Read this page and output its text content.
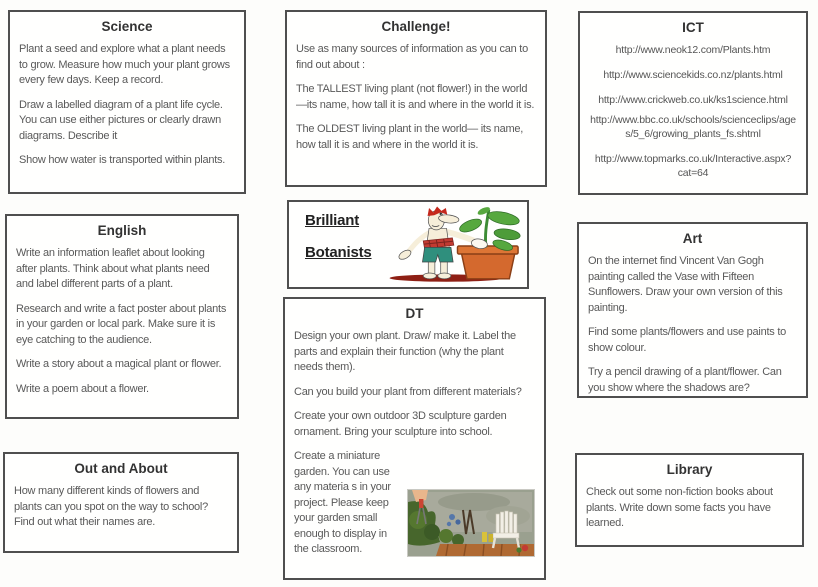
Science

Plant a seed and explore what a plant needs to grow. Measure how much your plant grows every few days. Keep a record.

Draw a labelled diagram of a plant life cycle. You can use either pictures or clearly drawn diagrams. Describe it

Show how water is transported within plants.

Challenge!

Use as many sources of information as you can to find out about :

The TALLEST living plant (not flower!) in the world—its name, how tall it is and where in the world it is.

The OLDEST living plant in the world— its name, how tall it is and where in the world it is.

ICT

http://www.neok12.com/Plants.htm

http://www.sciencekids.co.nz/plants.html

http://www.crickweb.co.uk/ks1science.html

http://www.bbc.co.uk/schools/scienceclips/ages/5_6/growing_plants_fs.shtml

http://www.topmarks.co.uk/Interactive.aspx?cat=64

English

Write an information leaflet about looking after plants. Think about what plants need and label different parts of a plant.

Research and write a fact poster about plants in your garden or local park. Make sure it is eye catching to the audience.

Write a story about a magical plant or flower.

Write a poem about a flower.

Brilliant
Botanists
Art

On the internet find Vincent Van Gogh painting called the Vase with Fifteen Sunflowers. Draw your own version of this painting.

Find some plants/flowers and use paints to show colour.

Try a pencil drawing of a plant/flower. Can you show where the shadows are?

DT

Design your own plant. Draw/ make it. Label the parts and explain their function (why the plant needs them).

Can you build your plant from different materials?

Create your own outdoor 3D sculpture garden ornament. Bring your sculpture into school.

Create a miniature garden. You can use any materia s in your project. Please keep your garden small enough to display in the classroom.

Out and About

How many different kinds of flowers and plants can you spot on the way to school? Find out what their names are.

Library

Check out some non-fiction books about plants. Write down some facts you have learned.
